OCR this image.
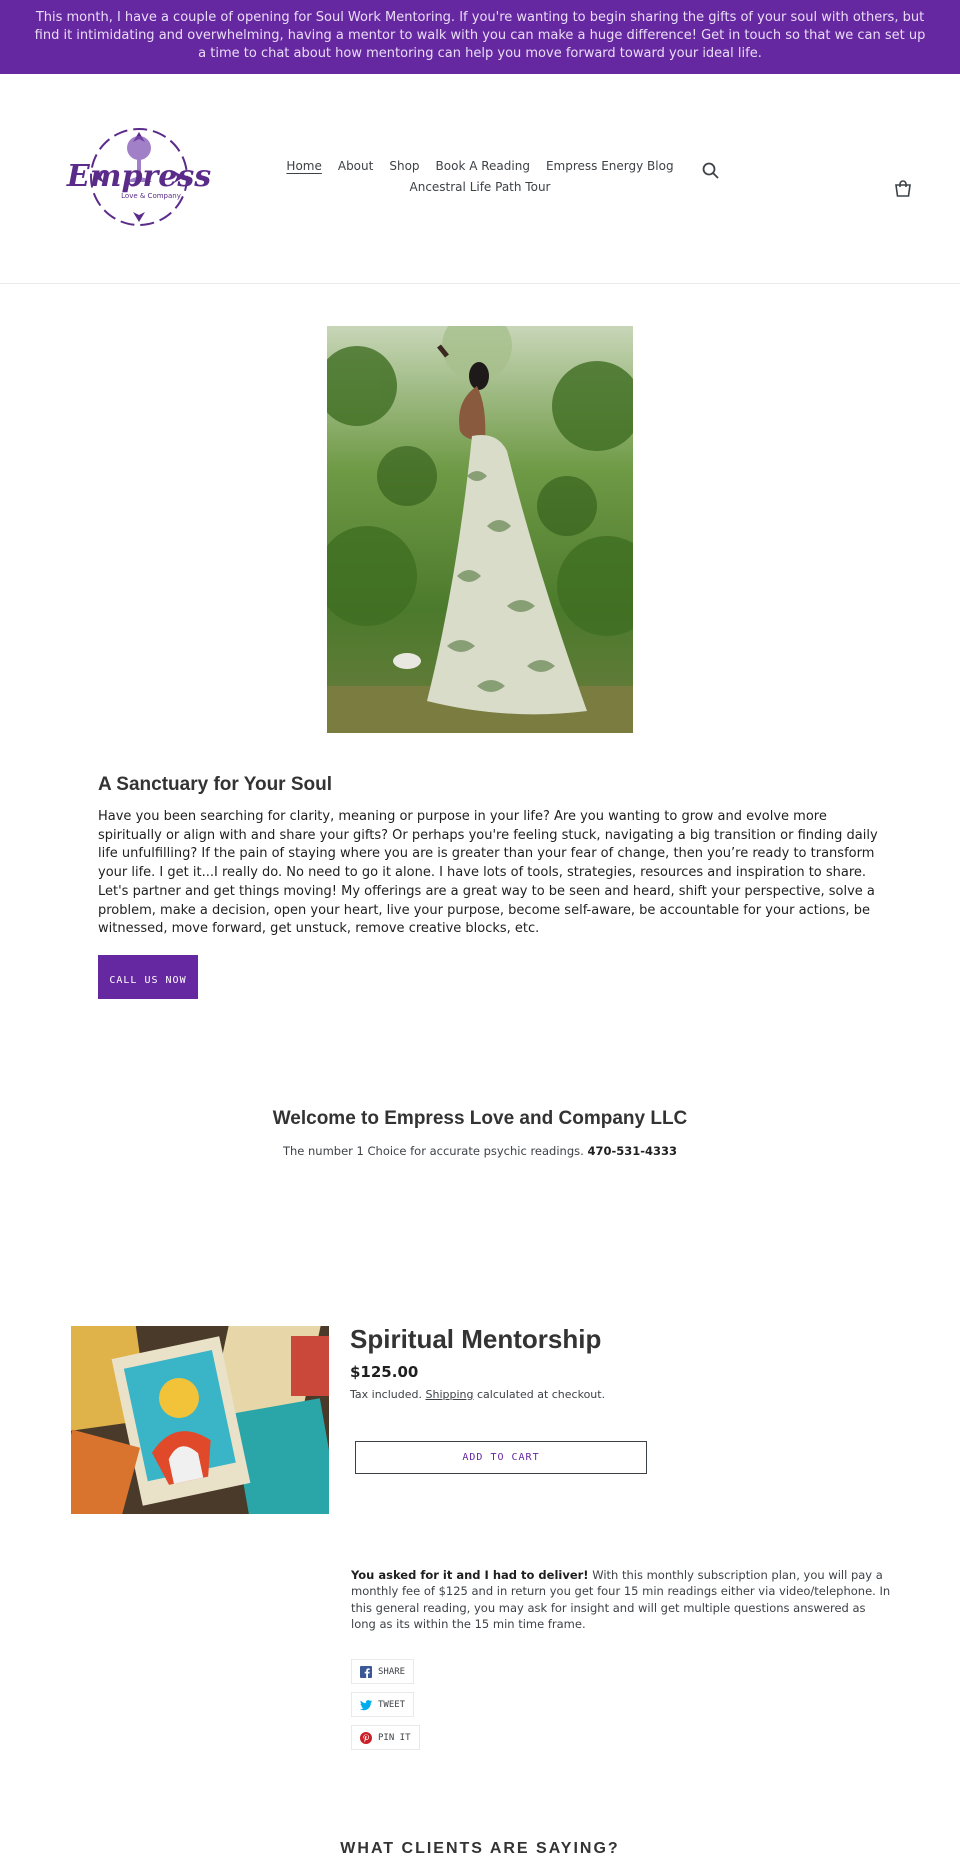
This month, I have a couple of opening for Soul Work Mentoring. If you're wanting to begin sharing the gifts of your soul with others, but find it intimidating and overwhelming, having a mentor to walk with you can make a huge difference! Get in touch so that we can set up a time to chat about how mentoring can help you move forward toward your ideal life.

Empress
Love & Company
Home About Shop Book A Reading Empress Energy Blog
Ancestral Life Path Tour
A Sanctuary for Your Soul

Have you been searching for clarity, meaning or purpose in your life? Are you wanting to grow and evolve more spiritually or align with and share your gifts? Or perhaps you're feeling stuck, navigating a big transition or finding daily life unfulfilling? If the pain of staying where you are is greater than your fear of change, then you’re ready to transform your life. I get it...I really do. No need to go it alone. I have lots of tools, strategies, resources and inspiration to share. Let's partner and get things moving! My offerings are a great way to be seen and heard, shift your perspective, solve a problem, make a decision, open your heart, live your purpose, become self-aware, be accountable for your actions, be witnessed, move forward, get unstuck, remove creative blocks, etc.

CALL US NOW
Welcome to Empress Love and Company LLC

The number 1 Choice for accurate psychic readings. 470-531-4333

Spiritual Mentorship
$125.00
Tax included. Shipping calculated at checkout.
ADD TO CART

You asked for it and I had to deliver! With this monthly subscription plan, you will pay a monthly fee of $125 and in return you get four 15 min readings either via video/telephone. In this general reading, you may ask for insight and will get multiple questions answered as long as its within the 15 min time frame.

SHARE
TWEET
PIN IT
WHAT CLIENTS ARE SAYING?
